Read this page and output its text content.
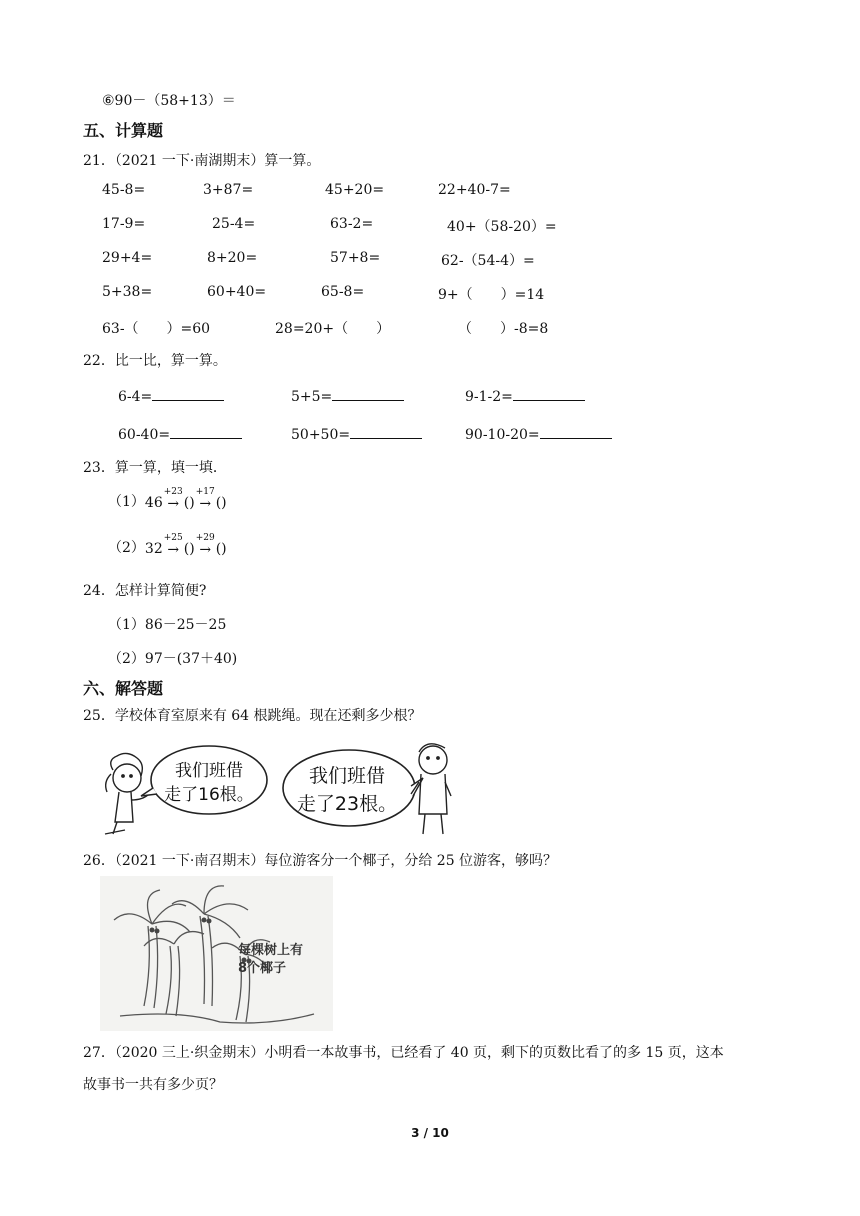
⑥90－（58+13）＝
五、计算题
21．（2021 一下·南湖期末）算一算。
45-8=	3+87=	45+20=	22+40-7=
17-9=	25-4=	63-2=	40+（58-20）=
29+4=	8+20=	57+8=	62-（54-4）=
5+38=	60+40=	65-8=	9+（　　）=14
63-（　　）=60	28=20+（　　）	（　　）-8=8
22．比一比，算一算。
6-4=	5+5=	9-1-2=
60-40=	50+50=	90-10-20=
23．算一算，填一填．
（1） 46
+23
→ ()
+17
→ ()
（2） 32
+25
→ ()
+29
→ ()
24．怎样计算简便?
（1）86－25－25
（2）97－(37＋40)
六、解答题
25．学校体育室原来有 64 根跳绳。现在还剩多少根？
我们班借
走了16根。
我们班借
走了23根。
26．（2021 一下·南召期末）每位游客分一个椰子，分给 25 位游客，够吗？
每棵树上有
8个椰子
27．（2020 三上·织金期末）小明看一本故事书，已经看了 40 页，剩下的页数比看了的多 15 页，这本
故事书一共有多少页？
3 / 10
